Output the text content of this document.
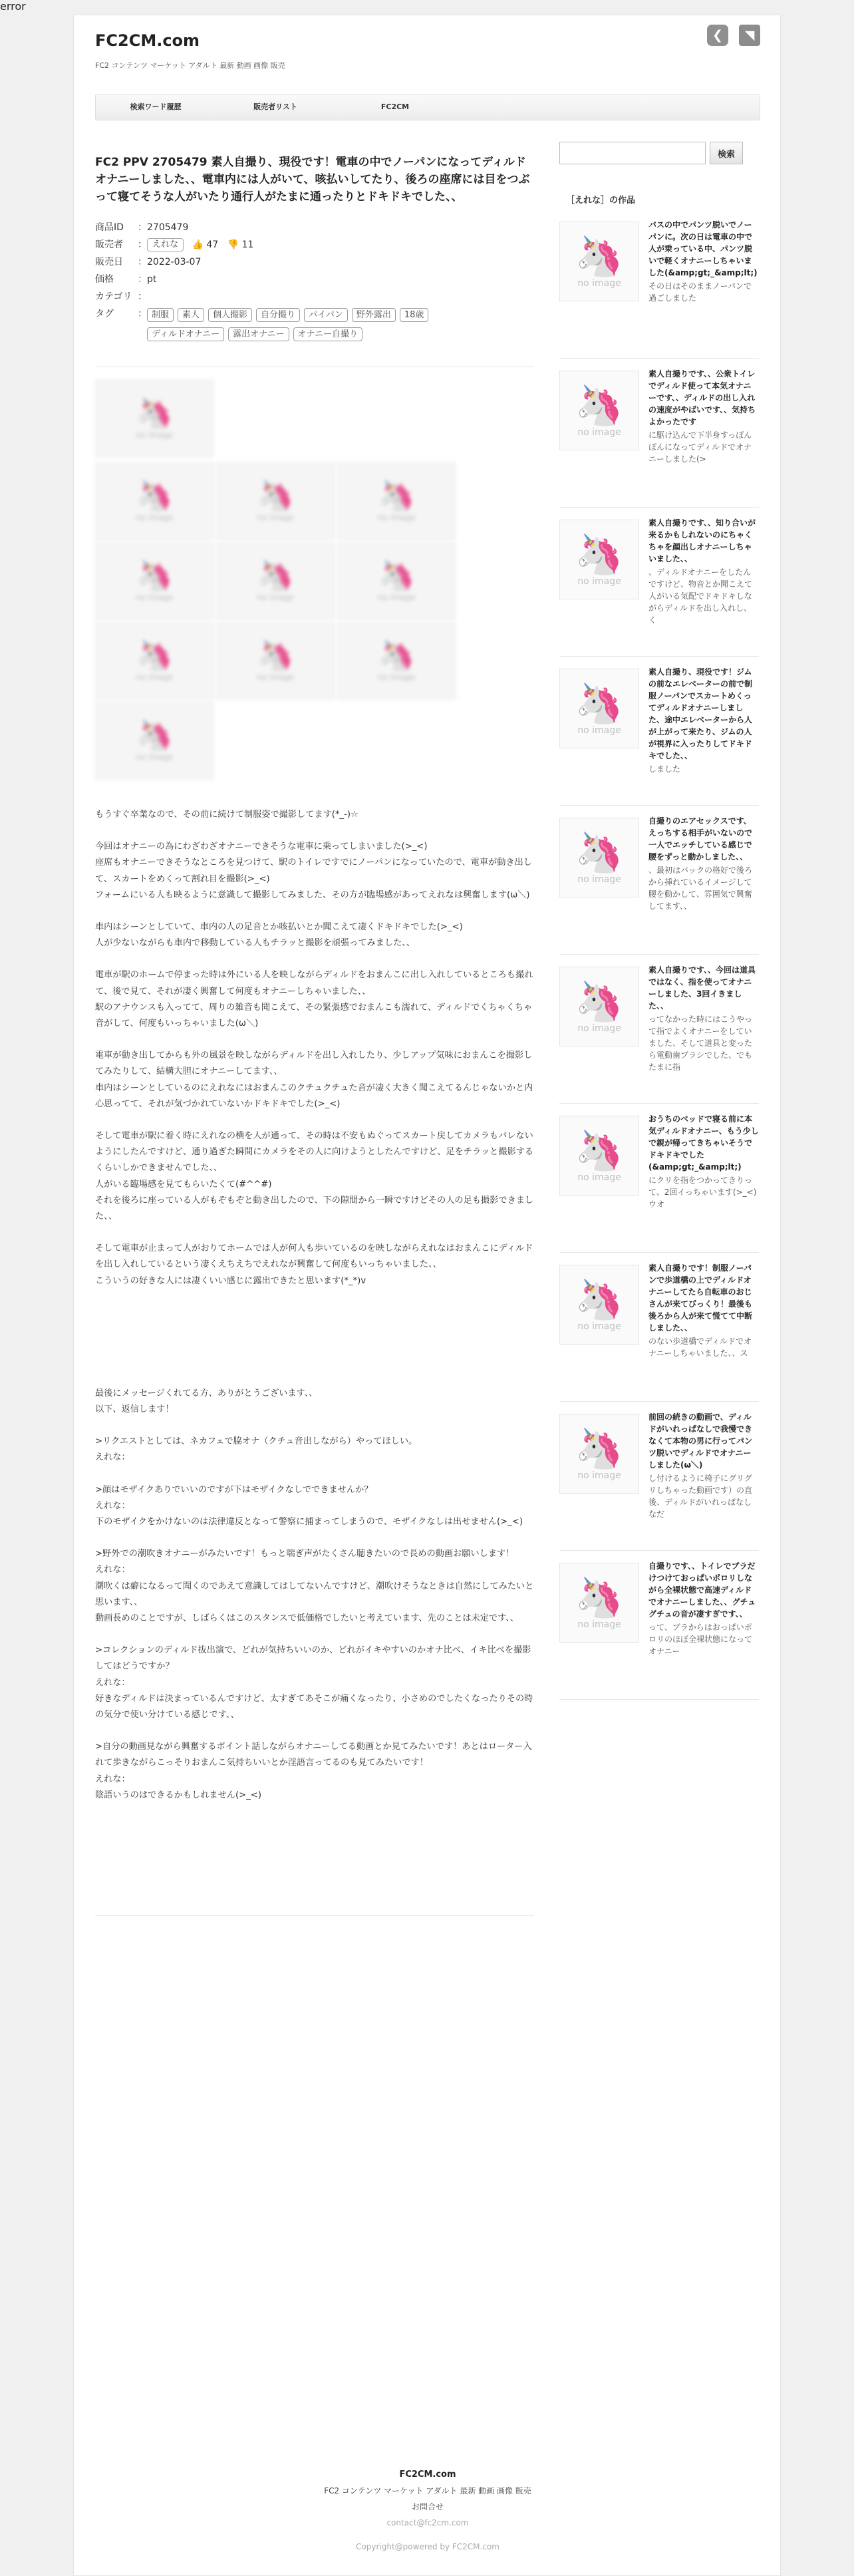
error
FC2CM.com
FC2 コンテンツ マーケット アダルト 最新 動画 画像 販売
❮	◥
検索ワード履歴	販売者リスト	FC2CM
FC2 PPV 2705479 素人自撮り、現役です！電車の中でノーパンになってディルドオナニーしました、、電車内には人がいて、咳払いしてたり、後ろの座席には目をつぶって寝てそうな人がいたり通行人がたまに通ったりとドキドキでした、、
商品ID	： 2705479
販売者	： えれな 👍 47 👎 11
販売日	： 2022-03-07
価格	： pt
カテゴリ ：
タグ	： 制服	素人	個人撮影	自分撮り	パイパン	野外露出	18歳
ディルドオナニー	露出オナニー	オナニー自撮り
🦄
no image
🦄
no image
🦄
no image
🦄
no image
🦄
no image
🦄
no image
🦄
no image
🦄
no image
🦄
no image
🦄
no image
🦄
no image
もうすぐ卒業なので、その前に続けて制服姿で撮影してます(*_-)☆
今回はオナニーの為にわざわざオナニーできそうな電車に乗ってしまいました(>_<)
座席もオナニーできそうなところを見つけて、駅のトイレですでにノーパンになっていたので、電車が動き出して、スカートをめくって割れ目を撮影(>_<)
フォームにいる人も映るように意識して撮影してみました、その方が臨場感があってえれなは興奮します(ω＼)
車内はシーンとしていて、車内の人の足音とか咳払いとか聞こえて凄くドキドキでした(>_<)
人が少ないながらも車内で移動している人もチラッと撮影を頑張ってみました、、
電車が駅のホームで停まった時は外にいる人を映しながらディルドをおまんこに出し入れしているところも撮れて、後で見て、それが凄く興奮して何度もオナニーしちゃいました、、
駅のアナウンスも入ってて、周りの雑音も聞こえて、その緊張感でおまんこも濡れて、ディルドでくちゃくちゃ音がして、何度もいっちゃいました(ω＼)
電車が動き出してからも外の風景を映しながらディルドを出し入れしたり、少しアップ気味におまんこを撮影してみたりして、結構大胆にオナニーしてます、、
車内はシーンとしているのにえれなにはおまんこのクチュクチュた音が凄く大きく聞こえてるんじゃないかと内心思ってて、それが気づかれていないかドキドキでした(>_<)
そして電車が駅に着く時にえれなの横を人が通って、その時は不安もぬぐってスカート戻してカメラもバレないようにしたんですけど、通り過ぎた瞬間にカメラをその人に向けようとしたんですけど、足をチラッと撮影するくらいしかできませんでした、、
人がいる臨場感を見てもらいたくて(#^^#)
それを後ろに座っている人がもぞもぞと動き出したので、下の隙間から一瞬ですけどその人の足も撮影できました、、
そして電車が止まって人がおりてホームでは人が何人も歩いているのを映しながらえれなはおまんこにディルドを出し入れしているという凄くえちえちでえれなが興奮して何度もいっちゃいました、、
こういうの好きな人には凄くいい感じに露出できたと思います(*_*)v

最後にメッセージくれてる方、ありがとうございます、、
以下、返信します！
>リクエストとしては、ネカフェで脇オナ（クチュ音出しながら）やってほしい。
えれな：
>顔はモザイクありでいいのですが下はモザイクなしでできませんか？
えれな：
下のモザイクをかけないのは法律違反となって警察に捕まってしまうので、モザイクなしは出せません(>_<)
>野外での潮吹きオナニーがみたいです！もっと喘ぎ声がたくさん聴きたいので長めの動画お願いします！
えれな：
潮吹くは癖になるって聞くのであえて意識してはしてないんですけど、潮吹けそうなときは自然にしてみたいと思います、、
動画長めのことですが、しばらくはこのスタンスで低価格でしたいと考えています、先のことは未定です、、
>コレクションのディルド抜出演で、どれが気持ちいいのか、どれがイキやすいのかオナ比べ、イキ比べを撮影してはどうですか？
えれな：
好きなディルドは決まっているんですけど、太すぎてあそこが痛くなったり、小さめのでしたくなったりその時の気分で使い分けている感じです、、
>自分の動画見ながら興奮するポイント話しながらオナニーしてる動画とか見てみたいです！あとはローター入れて歩きながらこっそりおまんこ気持ちいいとか淫語言ってるのも見てみたいです！
えれな：
陰語いうのはできるかもしれません(>_<)
検索
［えれな］の作品
🦄
no image
バスの中でパンツ脱いでノーパンに。次の日は電車の中で人が乗っている中、パンツ脱いで軽くオナニーしちゃいました(&amp;gt;_&amp;lt;)
その日はそのままノーパンで過ごしました
🦄
no image
素人自撮りです、、公衆トイレでディルド使って本気オナニーです、、ディルドの出し入れの速度がやばいです、、気持ちよかったです
に駆け込んで下半身すっぽんぽんになってディルドでオナニーしました(>
🦄
no image
素人自撮りです、、知り合いが来るかもしれないのにちゃくちゃを顔出しオナニーしちゃいました、、
、ディルドオナニーをしたんですけど、物音とか聞こえて人がいる気配でドキドキしながらディルドを出し入れし、く
🦄
no image
素人自撮り、現役です！ジムの前なエレベーターの前で制服ノーパンでスカートめくってディルドオナニーしました、途中エレベーターから人が上がって来たり、ジムの人が視界に入ったりしてドキドキでした、、
しました
🦄
no image
自撮りのエアセックスです、えっちする相手がいないので一人でエッチしている感じで腰をずっと動かしました、、
、最初はバックの格好で後ろから挿れているイメージして腰を動かして、雰囲気で興奮してます、、
🦄
no image
素人自撮りです、、今回は道具ではなく、指を使ってオナニーしました、3回イきました、、
ってなかった時にはこうやって指でよくオナニーをしていました、そして道具と変ったら電動歯ブラシでした、でもたまに指
🦄
no image
おうちのベッドで寝る前に本気ディルドオナニー、もう少しで親が帰ってきちゃいそうでドキドキでした(&amp;gt;_&amp;lt;)
にクリを指をつかってきりって、2回イっちゃいます(>_<)ウオ
🦄
no image
素人自撮りです！制服ノーパンで歩道橋の上でディルドオナニーしてたら自転車のおじさんが来てびっくり！最後も後ろから人が来て慌てて中断しました、、
のない歩道橋でディルドでオナニーしちゃいました、、ス
🦄
no image
前回の続きの動画で、ディルドがいれっぱなしで我慢できなくて本物の男に行ってパンツ脱いでディルドでオナニーしました(ω＼)
し付けるように椅子にグリグリしちゃった動画です）の直後、ディルドがいれっぱなしなだ
🦄
no image
自撮りです、、トイレでブラだけつけておっぱいポロリしながら全裸状態で高速ディルドでオナニーしました、、グチュグチュの音が凄すぎです、、
って、ブラからはおっぱいポロリのほぼ全裸状態になってオナニー
FC2CM.com
FC2 コンテンツ マーケット アダルト 最新 動画 画像 販売
お問合せ
contact@fc2cm.com
Copyright@powered by FC2CM.com
